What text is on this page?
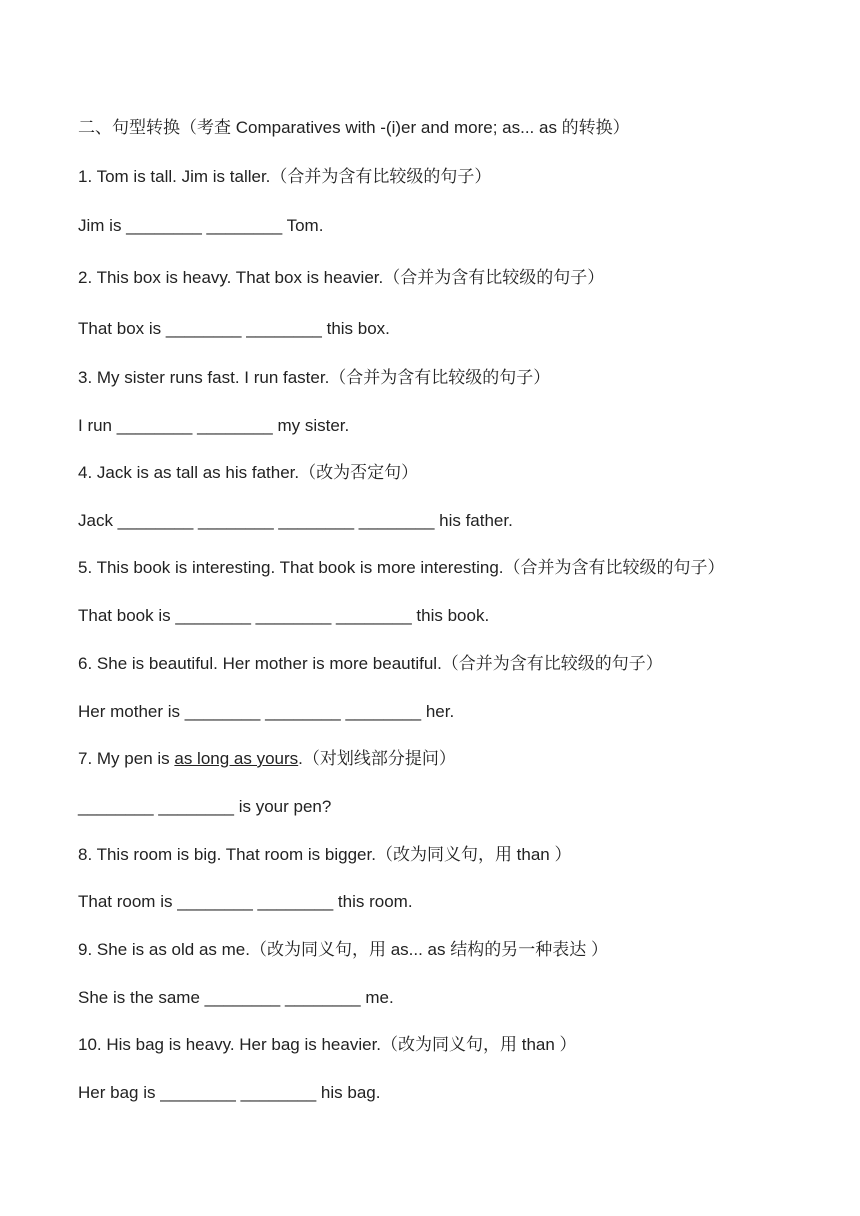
二、句型转换（考查 Comparatives with -(i)er and more; as... as 的转换）
1. Tom is tall. Jim is taller.（合并为含有比较级的句子）
Jim is ________ ________ Tom.
2. This box is heavy. That box is heavier.（合并为含有比较级的句子）
That box is ________ ________ this box.
3. My sister runs fast. I run faster.（合并为含有比较级的句子）
I run ________ ________ my sister.
4. Jack is as tall as his father.（改为否定句）
Jack ________ ________ ________ ________ his father.
5. This book is interesting. That book is more interesting.（合并为含有比较级的句子）
That book is ________ ________ ________ this book.
6. She is beautiful. Her mother is more beautiful.（合并为含有比较级的句子）
Her mother is ________ ________ ________ her.
7. My pen is as long as yours.（对划线部分提问）
________ ________ is your pen?
8. This room is big. That room is bigger.（改为同义句，用 than ）
That room is ________ ________ this room.
9. She is as old as me.（改为同义句，用 as... as 结构的另一种表达 ）
She is the same ________ ________ me.
10. His bag is heavy. Her bag is heavier.（改为同义句，用 than ）
Her bag is ________ ________ his bag.
